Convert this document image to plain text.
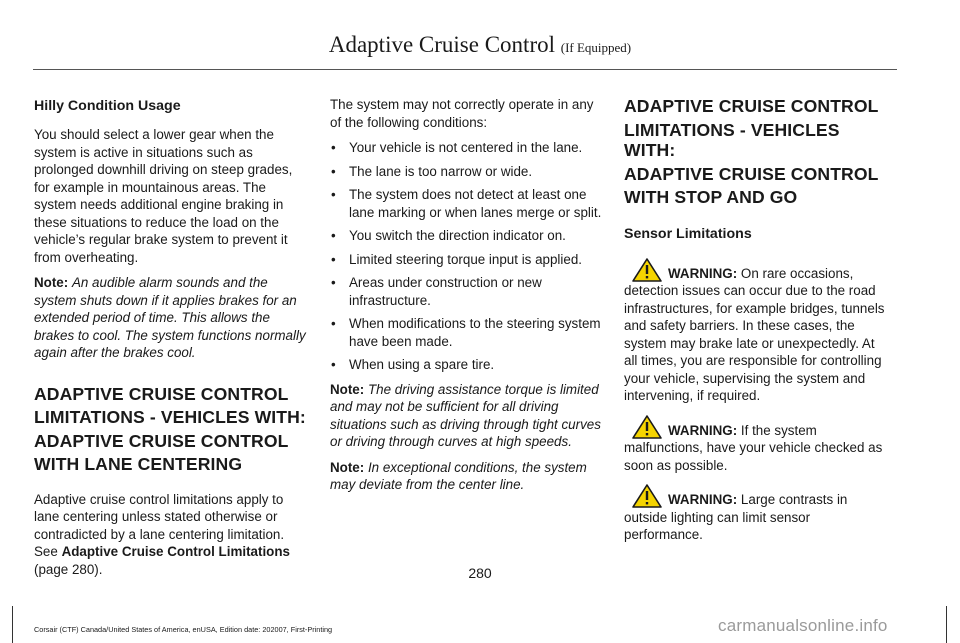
Adaptive Cruise Control (If Equipped)
Hilly Condition Usage

You should select a lower gear when the system is active in situations such as prolonged downhill driving on steep grades, for example in mountainous areas. The system needs additional engine braking in these situations to reduce the load on the vehicle’s regular brake system to prevent it from overheating.

Note: An audible alarm sounds and the system shuts down if it applies brakes for an extended period of time. This allows the brakes to cool. The system functions normally again after the brakes cool.

ADAPTIVE CRUISE CONTROL
LIMITATIONS - VEHICLES WITH:
ADAPTIVE CRUISE CONTROL
WITH LANE CENTERING

Adaptive cruise control limitations apply to lane centering unless stated otherwise or contradicted by a lane centering limitation. See Adaptive Cruise Control Limitations (page 280).

The system may not correctly operate in any of the following conditions:

• Your vehicle is not centered in the lane.
• The lane is too narrow or wide.
• The system does not detect at least one lane marking or when lanes merge or split.
• You switch the direction indicator on.
• Limited steering torque input is applied.
• Areas under construction or new infrastructure.
• When modifications to the steering system have been made.
• When using a spare tire.

Note: The driving assistance torque is limited and may not be sufficient for all driving situations such as driving through tight curves or driving through curves at high speeds.

Note: In exceptional conditions, the system may deviate from the center line.

ADAPTIVE CRUISE CONTROL
LIMITATIONS - VEHICLES WITH:
ADAPTIVE CRUISE CONTROL
WITH STOP AND GO
Sensor Limitations
WARNING: On rare occasions, detection issues can occur due to the road infrastructures, for example bridges, tunnels and safety barriers. In these cases, the system may brake late or unexpectedly. At all times, you are responsible for controlling your vehicle, supervising the system and intervening, if required.
WARNING: If the system malfunctions, have your vehicle checked as soon as possible.
WARNING: Large contrasts in outside lighting can limit sensor performance.
280
Corsair (CTF) Canada/United States of America, enUSA, Edition date: 202007, First-Printing	carmanualsonline.info
